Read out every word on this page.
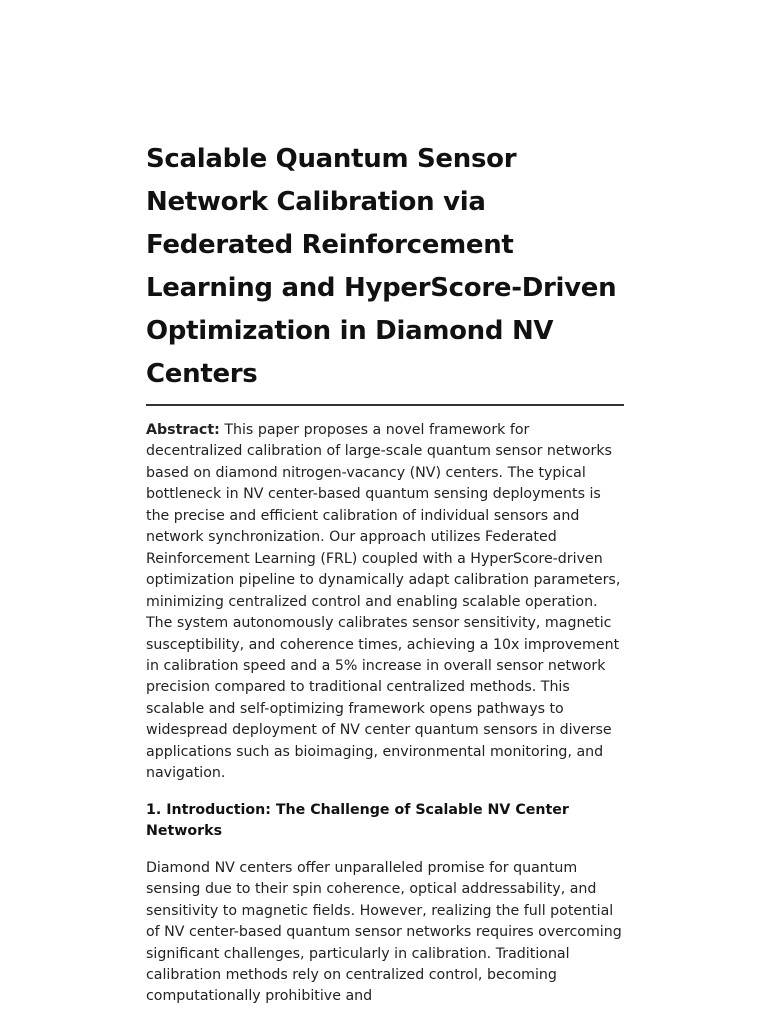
Scalable Quantum Sensor Network Calibration via Federated Reinforcement Learning and HyperScore-Driven Optimization in Diamond NV Centers

Abstract: This paper proposes a novel framework for decentralized calibration of large-scale quantum sensor networks based on diamond nitrogen-vacancy (NV) centers. The typical bottleneck in NV center-based quantum sensing deployments is the precise and efficient calibration of individual sensors and network synchronization. Our approach utilizes Federated Reinforcement Learning (FRL) coupled with a HyperScore-driven optimization pipeline to dynamically adapt calibration parameters, minimizing centralized control and enabling scalable operation. The system autonomously calibrates sensor sensitivity, magnetic susceptibility, and coherence times, achieving a 10x improvement in calibration speed and a 5% increase in overall sensor network precision compared to traditional centralized methods. This scalable and self-optimizing framework opens pathways to widespread deployment of NV center quantum sensors in diverse applications such as bioimaging, environmental monitoring, and navigation.

1. Introduction: The Challenge of Scalable NV Center Networks

Diamond NV centers offer unparalleled promise for quantum sensing due to their spin coherence, optical addressability, and sensitivity to magnetic fields. However, realizing the full potential of NV center-based quantum sensor networks requires overcoming significant challenges, particularly in calibration. Traditional calibration methods rely on centralized control, becoming computationally prohibitive and
